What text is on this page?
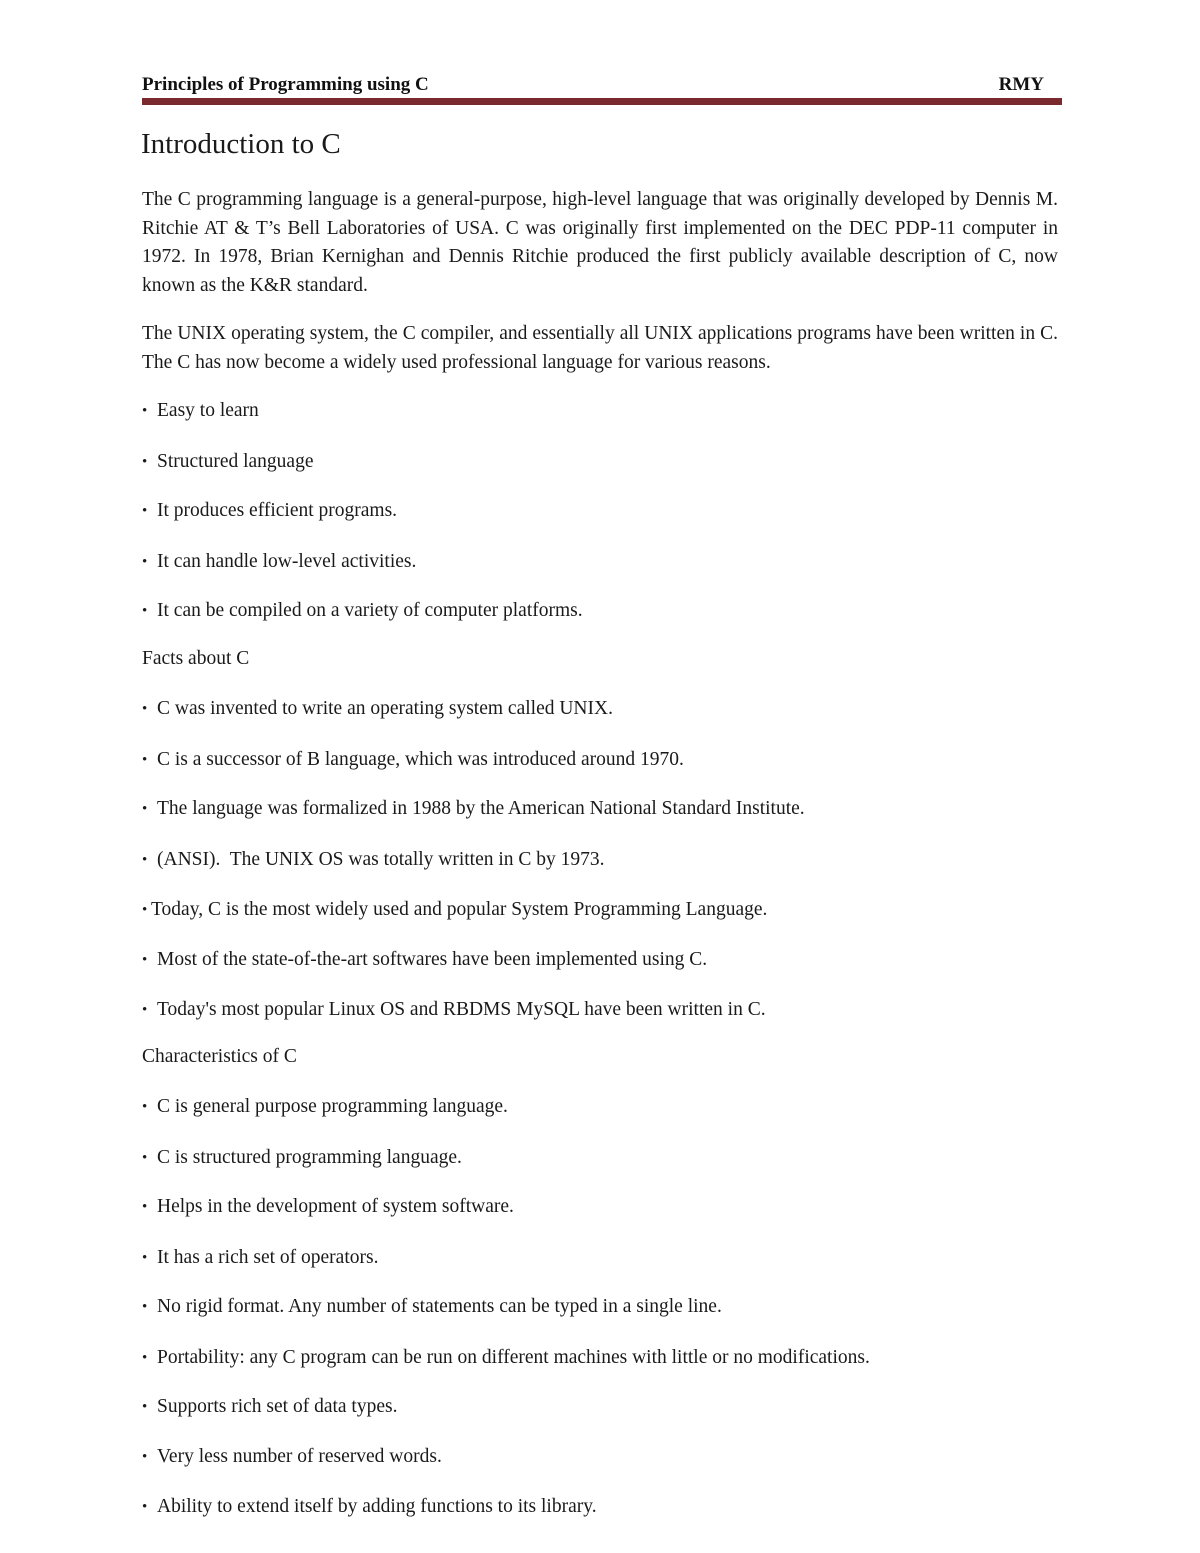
Principles of Programming using C	RMY
Introduction to C
The C programming language is a general-purpose, high-level language that was originally developed by Dennis M. Ritchie AT & T’s Bell Laboratories of USA. C was originally first implemented on the DEC PDP-11 computer in 1972. In 1978, Brian Kernighan and Dennis Ritchie produced the first publicly available description of C, now known as the K&R standard.
The UNIX operating system, the C compiler, and essentially all UNIX applications programs have been written in C. The C has now become a widely used professional language for various reasons.
• Easy to learn
• Structured language
• It produces efficient programs.
• It can handle low-level activities.
• It can be compiled on a variety of computer platforms.
Facts about C
• C was invented to write an operating system called UNIX.
• C is a successor of B language, which was introduced around 1970.
• The language was formalized in 1988 by the American National Standard Institute.
• (ANSI).  The UNIX OS was totally written in C by 1973.
• Today, C is the most widely used and popular System Programming Language.
• Most of the state-of-the-art softwares have been implemented using C.
• Today's most popular Linux OS and RBDMS MySQL have been written in C.
Characteristics of C
• C is general purpose programming language.
• C is structured programming language.
• Helps in the development of system software.
• It has a rich set of operators.
• No rigid format. Any number of statements can be typed in a single line.
• Portability: any C program can be run on different machines with little or no modifications.
• Supports rich set of data types.
• Very less number of reserved words.
• Ability to extend itself by adding functions to its library.
